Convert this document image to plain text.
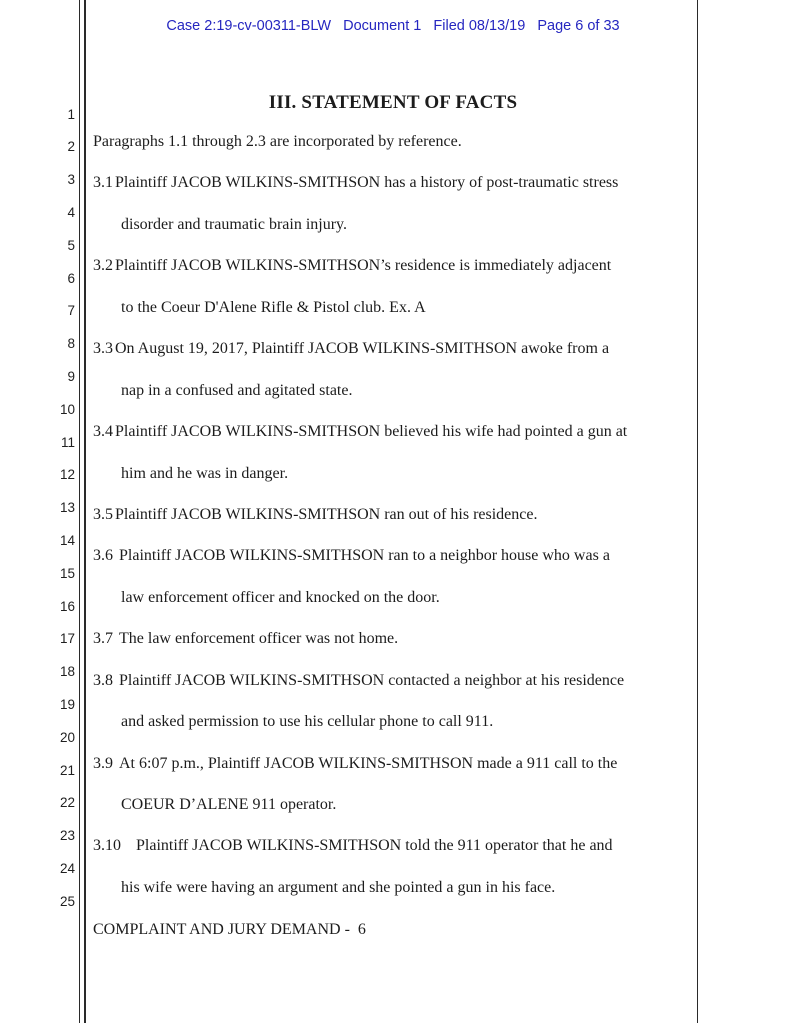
Case 2:19-cv-00311-BLW   Document 1   Filed 08/13/19   Page 6 of 33
1
2
3
4
5
6
7
8
9
10
11
12
13
14
15
16
17
18
19
20
21
22
23
24
25
III. STATEMENT OF FACTS
Paragraphs 1.1 through 2.3 are incorporated by reference.
3.1 Plaintiff JACOB WILKINS-SMITHSON has a history of post-traumatic stress
disorder and traumatic brain injury.
3.2 Plaintiff JACOB WILKINS-SMITHSON’s residence is immediately adjacent
to the Coeur D'Alene Rifle & Pistol club. Ex. A
3.3 On August 19, 2017, Plaintiff JACOB WILKINS-SMITHSON awoke from a
nap in a confused and agitated state.
3.4 Plaintiff JACOB WILKINS-SMITHSON believed his wife had pointed a gun at
him and he was in danger.
3.5 Plaintiff JACOB WILKINS-SMITHSON ran out of his residence.
3.6 Plaintiff JACOB WILKINS-SMITHSON ran to a neighbor house who was a
law enforcement officer and knocked on the door.
3.7 The law enforcement officer was not home.
3.8 Plaintiff JACOB WILKINS-SMITHSON contacted a neighbor at his residence
and asked permission to use his cellular phone to call 911.
3.9 At 6:07 p.m., Plaintiff JACOB WILKINS-SMITHSON made a 911 call to the
COEUR D’ALENE 911 operator.
3.10 Plaintiff JACOB WILKINS-SMITHSON told the 911 operator that he and
his wife were having an argument and she pointed a gun in his face.
COMPLAINT AND JURY DEMAND -  6
